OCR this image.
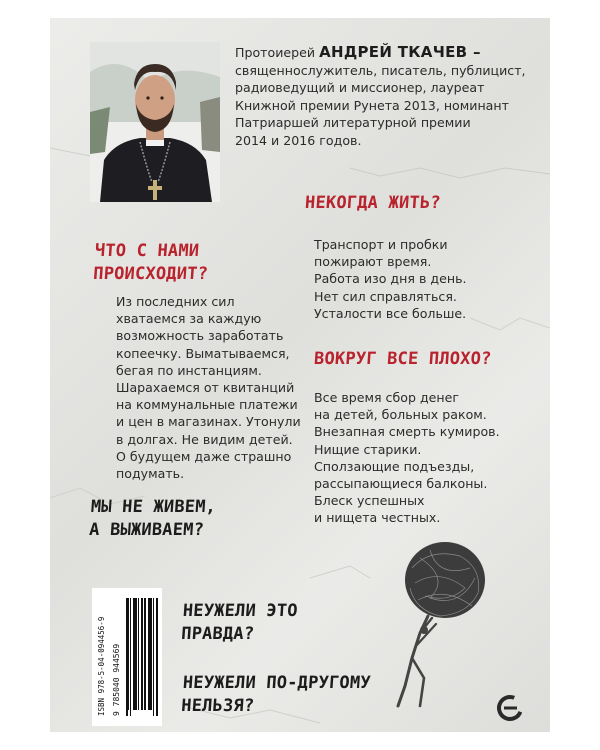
Протоиерей АНДРЕЙ ТКАЧЕВ –
священнослужитель, писатель, публицист,
радиоведущий и миссионер, лауреат
Книжной премии Рунета 2013, номинант
Патриаршей литературной премии
2014 и 2016 годов.
НЕКОГДА ЖИТЬ?
ЧТО С НАМИ
ПРОИСХОДИТ?
Транспорт и пробки
пожирают время.
Работа изо дня в день.
Нет сил справляться.
Усталости все больше.
Из последних сил
хватаемся за каждую
возможность заработать
копеечку. Выматываемся,
бегая по инстанциям.
Шарахаемся от квитанций
на коммунальные платежи
и цен в магазинах. Утонули
в долгах. Не видим детей.
О будущем даже страшно
подумать.
ВОКРУГ ВСЕ ПЛОХО?
Все время сбор денег
на детей, больных раком.
Внезапная смерть кумиров.
Нищие старики.
Сползающие подъезды,
рассыпающиеся балконы.
Блеск успешных
и нищета честных.
МЫ НЕ ЖИВЕМ,
А ВЫЖИВАЕМ?
ISBN 978-5-04-094456-9 9 785040 944569
НЕУЖЕЛИ ЭТО
ПРАВДА?
НЕУЖЕЛИ ПО-ДРУГОМУ
НЕЛЬЗЯ?
